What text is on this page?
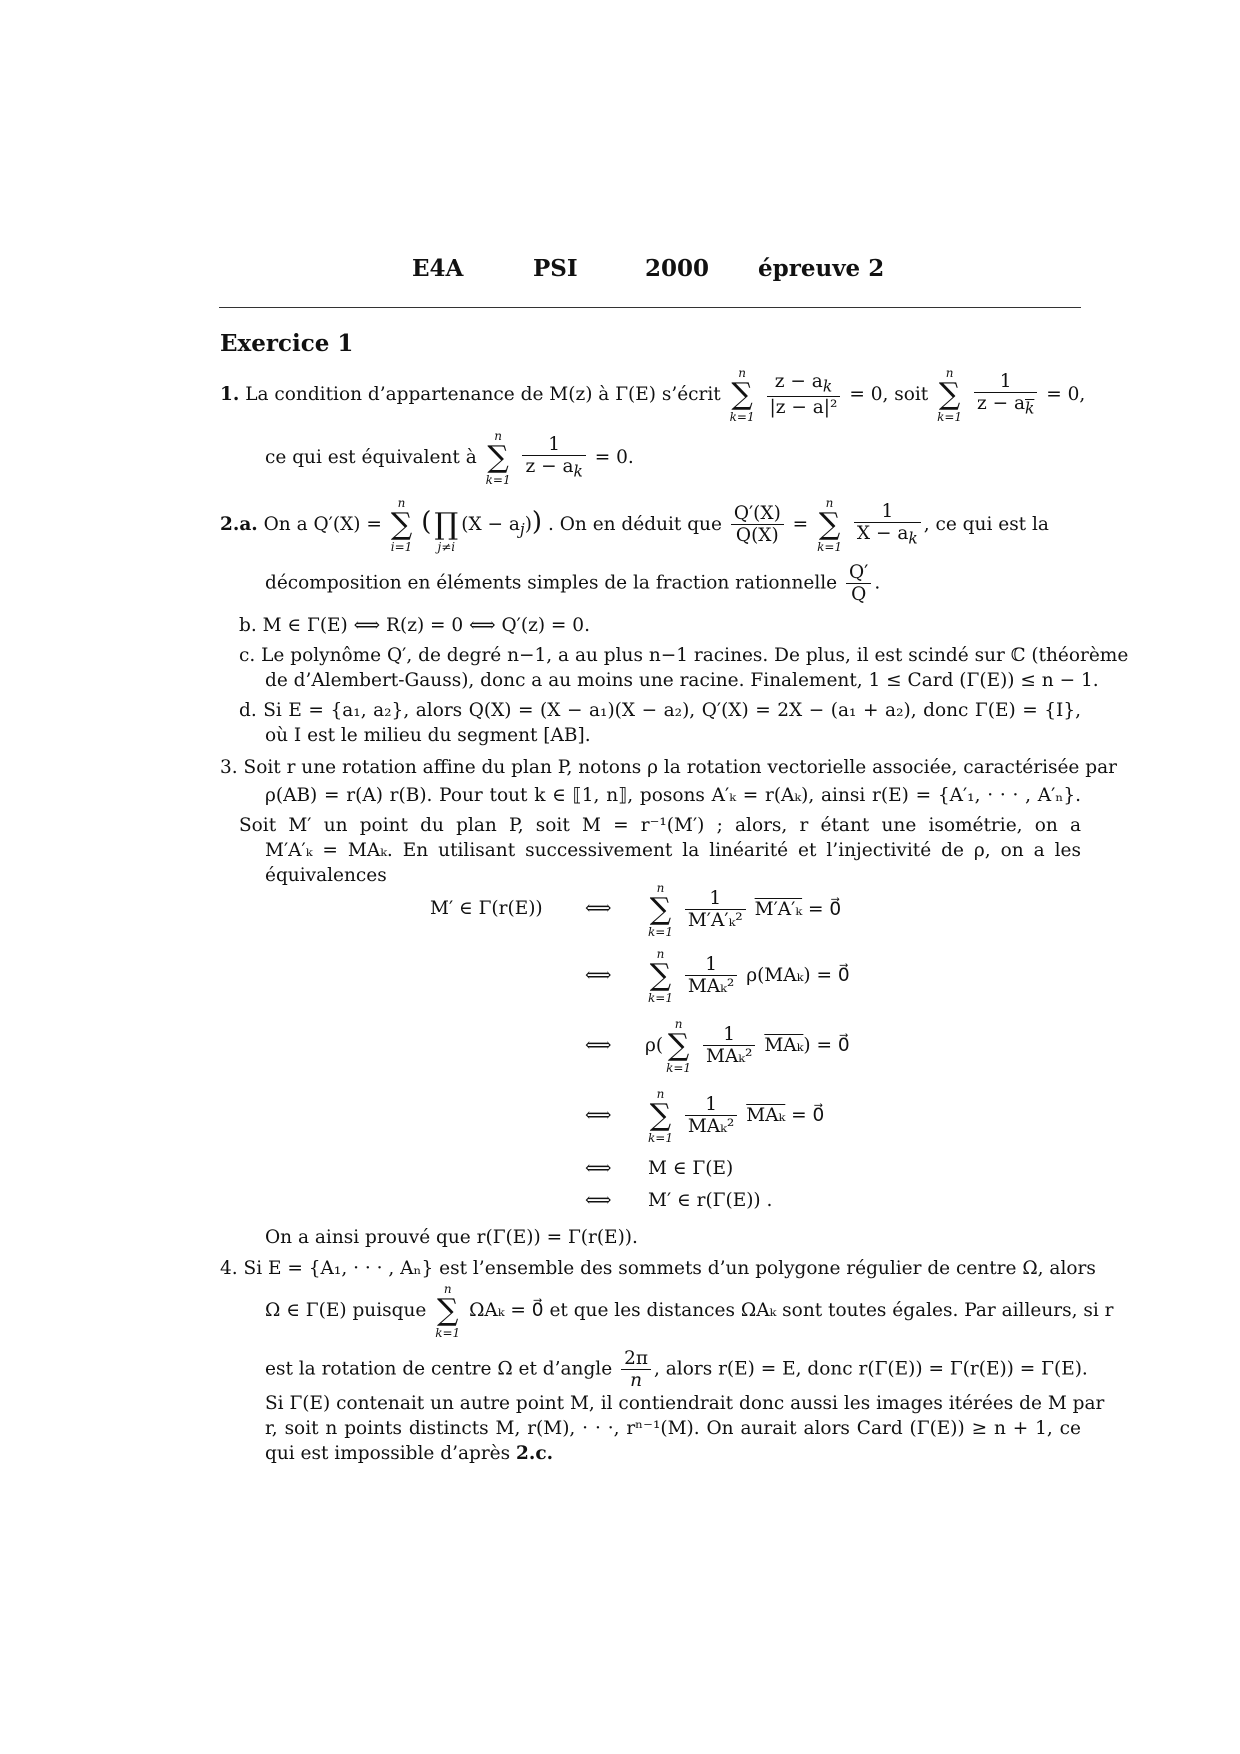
E4A	PSI	2000 épreuve 2
Exercice 1
1. La condition d’appartenance de M(z) à Γ(E) s’écrit
n
∑
k=1
$\frac{z - a_k}{\text{|z − a|²}} = 0$, soit
n
∑
k=1
$\frac{1}{z - a_k} = 0$,
ce qui est équivalent à
n
∑
k=1
$\frac{1}{z - a_k} = 0$.
2.a. On a Q′(X) =
n
∑
i=1
(
∏
j≠i
$(X - a_j)$) . On en déduit que $\frac{Q'(X)}{Q(X)}$ =
n
∑
k=1
$\frac{1}{X - a_k}$ , ce qui est la
décomposition en éléments simples de la fraction rationnelle $\frac{Q'}{Q}$ .
b. M ∈ Γ(E) ⟺ R(z) = 0 ⟺ Q′(z) = 0.
c. Le polynôme Q′, de degré n−1, a au plus n−1 racines. De plus, il est scindé sur ℂ (théorème
de d’Alembert-Gauss), donc a au moins une racine. Finalement, 1 ≤ Card (Γ(E)) ≤ n − 1.
d. Si E = {a₁, a₂}, alors Q(X) = (X − a₁)(X − a₂), Q′(X) = 2X − (a₁ + a₂), donc Γ(E) = {I},
où I est le milieu du segment [AB].
3. Soit r une rotation affine du plan P, notons ρ la rotation vectorielle associée, caractérisée par
ρ(AB) = r(A) r(B). Pour tout k ∈ ⟦1, n⟧, posons A′ₖ = r(Aₖ), ainsi r(E) = {A′₁, · · · , A′ₙ}.
Soit M′ un point du plan P, soit M = r⁻¹(M′) ; alors, r étant une isométrie, on a
M′A′ₖ = MAₖ. En utilisant successivement la linéarité et l’injectivité de ρ, on a les
équivalences
M′ ∈ Γ(r(E)) ⟺
n
∑
k=1

$\frac{1}{\text{M′A′ₖ²}} M'A'_k$ = 0⃗
⟺
n
∑
k=1

$\frac{1}{\text{MAₖ²}} \rho(MA_k)$ = 0⃗
⟺ ρ(
n
∑
k=1

$\frac{1}{\text{MAₖ²}} \overline{MA_k}$) = 0⃗
⟺
n
∑
k=1

$\frac{1}{\text{MAₖ²}} \overline{MA_k}$ = 0⃗
⟺ M ∈ Γ(E)
⟺ M′ ∈ r(Γ(E)) .
On a ainsi prouvé que r(Γ(E)) = Γ(r(E)).
4. Si E = {A₁, · · · , Aₙ} est l’ensemble des sommets d’un polygone régulier de centre Ω, alors
Ω ∈ Γ(E) puisque
n
∑
k=1
ΩAₖ = 0⃗ et que les distances ΩAₖ sont toutes égales. Par ailleurs, si r
est la rotation de centre Ω et d’angle $\frac{2\pi}{n}$ , alors r(E) = E, donc r(Γ(E)) = Γ(r(E)) = Γ(E).
Si Γ(E) contenait un autre point M, il contiendrait donc aussi les images itérées de M par
r, soit n points distincts M, r(M), · · ·, rⁿ⁻¹(M). On aurait alors Card (Γ(E)) ≥ n + 1, ce
qui est impossible d’après 2.c.
